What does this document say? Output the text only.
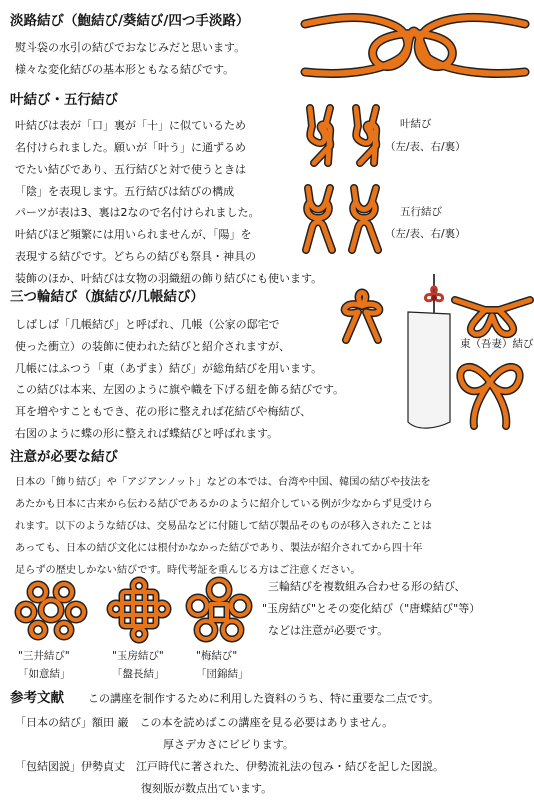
淡路結び（鮑結び/葵結び/四つ手淡路）
熨斗袋の水引の結びでおなじみだと思います。
様々な変化結びの基本形ともなる結びです。
叶結び・五行結び
叶結びは表が「口」裏が「十」に似ているため
名付けられました。願いが「叶う」に通ずるめ
でたい結びであり、五行結びと対で使うときは
「陰」を表現します。五行結びは結びの構成
パーツが表は3、裏は2なので名付けられました。
叶結びほど頻繁には用いられませんが、「陽」を
表現する結びです。どちらの結びも祭具・神具の
装飾のほか、叶結びは女物の羽織紐の飾り結びにも使います。
叶結び
（左/表、右/裏）
五行結び
（左/表、右/裏）
三つ輪結び（旗結び/几帳結び）
しばしば「几帳結び」と呼ばれ、几帳（公家の邸宅で
使った衝立）の装飾に使われた結びと紹介されますが、
几帳にはふつう「東（あずま）結び」が総角結びを用います。
この結びは本来、左図のように旗や幟を下げる紐を飾る結びです。
耳を増やすこともでき、花の形に整えれば花結びや梅結び、
右図のように蝶の形に整えれば蝶結びと呼ばれます。
東（吾妻）結び
注意が必要な結び
日本の「飾り結び」や「アジアンノット」などの本では、台湾や中国、韓国の結びや技法を
あたかも日本に古来から伝わる結びであるかのように紹介している例が少なからず見受けら
れます。以下のような結びは、交易品などに付随して結び製品そのものが移入されたことは
あっても、日本の結び文化には根付かなかった結びであり、製法が紹介されてから四十年
足らずの歴史しかない結びです。時代考証を重んじる方はご注意ください。
三輪結びを複数組み合わせる形の結び、
"玉房結び"とその変化結び（"唐蝶結び"等）
などは注意が必要です。
"三井結び"	"玉房結び"	"梅結び"
「如意結」	「盤長結」	「団錦結」
参考文献 この講座を制作するために利用した資料のうち、特に重要な二点です。
「日本の結び」額田 巌　この本を読めばこの講座を見る必要はありません。
厚さデカさにビビります。
「包結図説」伊勢貞丈　江戸時代に著された、伊勢流礼法の包み・結びを記した図説。
復刻版が数点出ています。
